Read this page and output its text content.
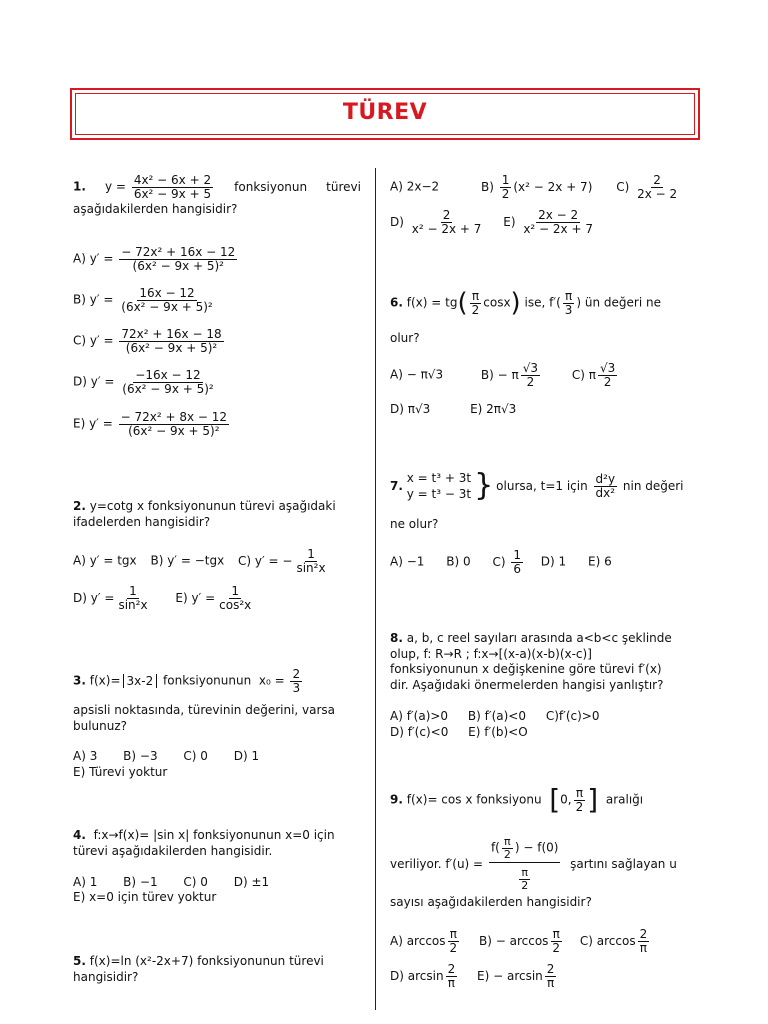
TÜREV
1. $y = \frac{\text{4x² − 6x + 2}}{\text{6x² − 9x + 5}}$ fonksiyonun türevi
aşağıdakilerden hangisidir?
A) $y' = \frac{\text{− 72x² + 16x − 12}}{\text{(6x² − 9x + 5)²}}$
B) $y' = \frac{16x - 12}{\text{(6x² − 9x + 5)²}}$
C) $y' = \frac{\text{72x² + 16x − 18}}{\text{(6x² − 9x + 5)²}}$
D) $y' = \frac{-16x - 12}{\text{(6x² − 9x + 5)²}}$
E) $y' = \frac{\text{− 72x² + 8x − 12}}{\text{(6x² − 9x + 5)²}}$
2. y=cotg x fonksiyonunun türevi aşağıdaki
ifadelerden hangisidir?
A) y′ = tgx B) y′ = −tgx C) y′ = − $\frac{1}{\text{sin²x}}$
D) $y' = \frac{1}{\text{sin²x}} E$) $y' = \frac{1}{\text{cos²x}}$
3. f(x)= 3x-2 fonksiyonunun $x_0 = \frac{2}{3}$
apsisli noktasında, türevinin değerini, varsa
bulunuz?
A) 3 B) −3 C) 0 D) 1
E) Türevi yoktur
4. f:x→f(x)= |sin x| fonksiyonunun x=0 için
türevi aşağıdakilerden hangisidir.
A) 1 B) −1 C) 0 D) ±1
E) x=0 için türev yoktur
5. f(x)=ln (x²-2x+7) fonksiyonunun türevi
hangisidir?
A) 2x−2	$B) \frac{1}{2} (x^2 - 2x + 7)$ $C) \frac{2}{2x - 2}$
$D) \frac{2}{\text{x² − 2x + 7}} E) \frac{2x - 2}{\text{x² − 2x + 7}}$
6. $f(x) = tg( \frac{\pi}{2} \cos x)$ ise, $f'( \frac{\pi}{3}$ ) ün değeri ne
olur?
A) − π√3	B) − π $\frac{√3}{2}$	C) π $\frac{√3}{2}$
D) π√3	E) 2π√3
7.

x = t³ + 3t
y = t³ − 3t } olursa, t=1 için
$\frac{\text{d²y}}{\text{dx²}}$
nin değeri
ne olur?
A) −1 B) 0 $C) \frac{1}{6} D$) 1 E) 6
8. a, b, c reel sayıları arasında a<b<c şeklinde
olup, f: R→R ; f:x→[(x-a)(x-b)(x-c)]
fonksiyonunun x değişkenine göre türevi f′(x)
dir. Aşağıdaki önermelerden hangisi yanlıştır?
A) f′(a)>0 B) f′(a)<0 C)f′(c)>0
D) f′(c)<0 E) f′(b)<O
9. f(x)= cos x fonksiyonu [0, $\frac{\pi}{2}$ ] aralığı
veriliyor. f′(u) =
$\frac{f( \frac{\pi}{2} ) - f(0)}{\frac{\pi}{2}}$
şartını sağlayan u
sayısı aşağıdakilerden hangisidir?
A) $\arccos \frac{\pi}{2} B) - \arccos \frac{\pi}{2} C$) $\arccos \frac{2}{\pi}$
D) $\arcsin \frac{2}{\pi} E) - \arcsin \frac{2}{\pi}$
